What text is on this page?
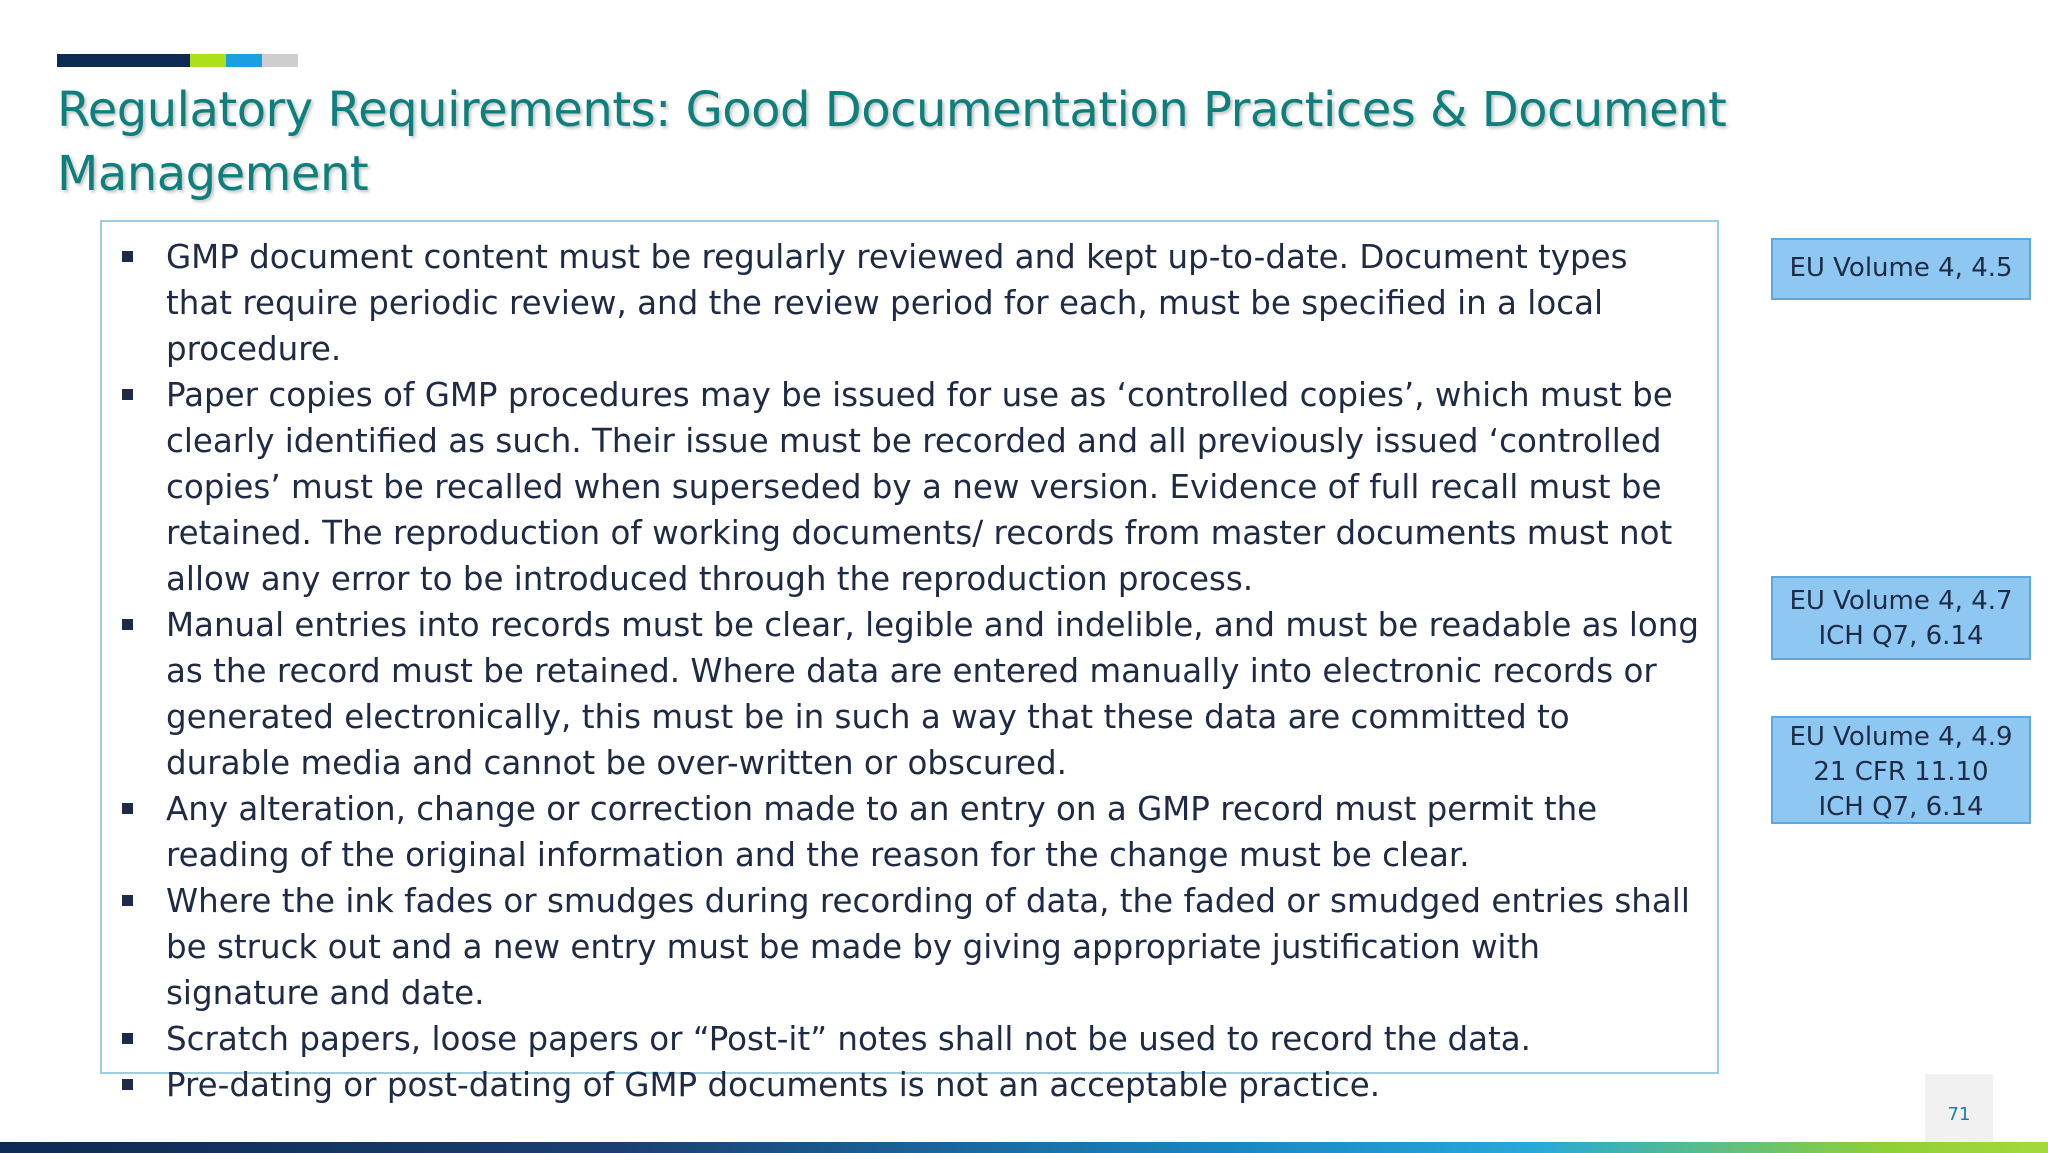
Regulatory Requirements: Good Documentation Practices & Document Management
GMP document content must be regularly reviewed and kept up-to-date. Document types that require periodic review, and the review period for each, must be specified in a local procedure.
Paper copies of GMP procedures may be issued for use as ‘controlled copies’, which must be clearly identified as such. Their issue must be recorded and all previously issued ‘controlled copies’ must be recalled when superseded by a new version. Evidence of full recall must be retained. The reproduction of working documents/ records from master documents must not allow any error to be introduced through the reproduction process.
Manual entries into records must be clear, legible and indelible, and must be readable as long as the record must be retained. Where data are entered manually into electronic records or generated electronically, this must be in such a way that these data are committed to durable media and cannot be over-written or obscured.
Any alteration, change or correction made to an entry on a GMP record must permit the reading of the original information and the reason for the change must be clear.
Where the ink fades or smudges during recording of data, the faded or smudged entries shall be struck out and a new entry must be made by giving appropriate justification with signature and date.
Scratch papers, loose papers or “Post-it” notes shall not be used to record the data.
Pre-dating or post-dating of GMP documents is not an acceptable practice.
EU Volume 4, 4.5
EU Volume 4, 4.7
ICH Q7, 6.14
EU Volume 4, 4.9
21 CFR 11.10
ICH Q7, 6.14
71
